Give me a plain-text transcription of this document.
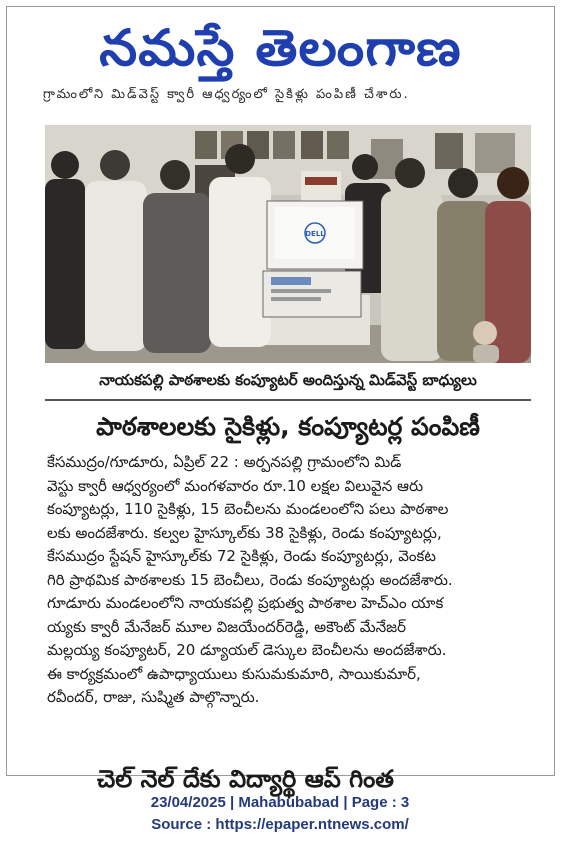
నమస్తే తెలంగాణ
గ్రామంలోని మిడ్‌వెస్ట్ క్వారీ ఆధ్వర్యంలో సైకిళ్లు పంపిణీ చేశారు.
DELL
నాయకపల్లి పాఠశాలకు కంప్యూటర్ అందిస్తున్న మిడ్‌వెస్ట్ బాధ్యులు
పాఠశాలలకు సైకిళ్లు, కంప్యూటర్ల పంపిణీ
కేసముద్రం/గూడూరు, ఏప్రిల్ 22 : అర్పనపల్లి గ్రామంలోని మిడ్
వెస్టు క్వారీ ఆధ్వర్యంలో మంగళవారం రూ.10 లక్షల విలువైన ఆరు
కంప్యూటర్లు, 110 సైకిళ్లు, 15 బెంచీలను మండలంలోని పలు పాఠశాల
లకు అందజేశారు. కల్వల హైస్కూల్‌కు 38 సైకిళ్లు, రెండు కంప్యూటర్లు,
కేసముద్రం స్టేషన్ హైస్కూల్‌కు 72 సైకిళ్లు, రెండు కంప్యూటర్లు, వెంకట
గిరి ప్రాథమిక పాఠశాలకు 15 బెంచీలు, రెండు కంప్యూటర్లు అందజేశారు.
గూడూరు మండలంలోని నాయకపల్లి ప్రభుత్వ పాఠశాల హెచ్‌ఎం యాక
య్యకు క్వారీ మేనేజర్ మూల విజయేందర్‌రెడ్డి, అకౌంట్ మేనేజర్
మల్లయ్య కంప్యూటర్, 20 డ్యూయల్ డెస్కుల బెంచీలను అందజేశారు.
ఈ కార్యక్రమంలో ఉపాధ్యాయులు కుసుమకుమారి, సాయికుమార్,
రవీందర్, రాజు, సుష్మిత పాల్గొన్నారు.
చెల్ నెల్ దేకు విద్యార్థి ఆప్ గింత
23/04/2025 | Mahabubabad | Page : 3
Source : https://epaper.ntnews.com/
